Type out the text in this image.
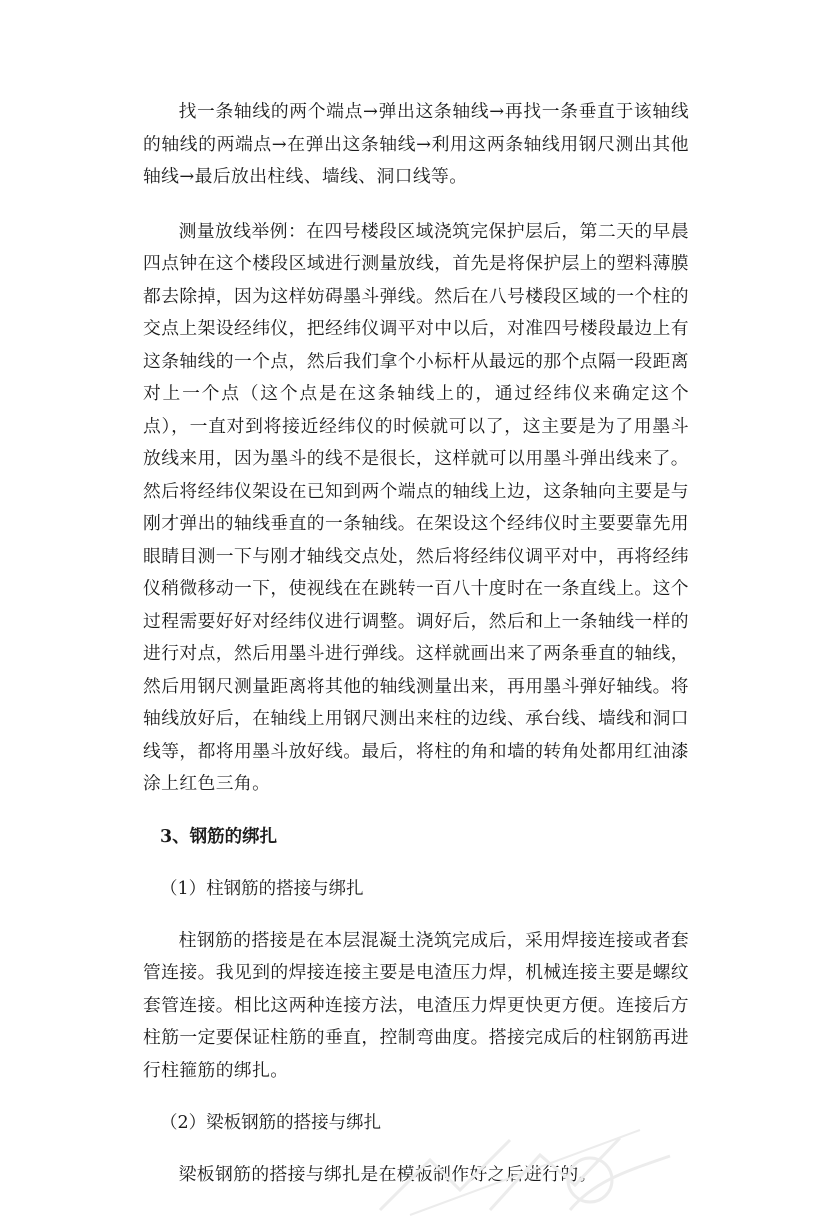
找一条轴线的两个端点→弹出这条轴线→再找一条垂直于该轴线的轴线的两端点→在弹出这条轴线→利用这两条轴线用钢尺测出其他轴线→最后放出柱线、墙线、洞口线等。

测量放线举例：在四号楼段区域浇筑完保护层后，第二天的早晨四点钟在这个楼段区域进行测量放线，首先是将保护层上的塑料薄膜都去除掉，因为这样妨碍墨斗弹线。然后在八号楼段区域的一个柱的交点上架设经纬仪，把经纬仪调平对中以后，对准四号楼段最边上有这条轴线的一个点，然后我们拿个小标杆从最远的那个点隔一段距离对上一个点（这个点是在这条轴线上的，通过经纬仪来确定这个点），一直对到将接近经纬仪的时候就可以了，这主要是为了用墨斗放线来用，因为墨斗的线不是很长，这样就可以用墨斗弹出线来了。然后将经纬仪架设在已知到两个端点的轴线上边，这条轴向主要是与刚才弹出的轴线垂直的一条轴线。在架设这个经纬仪时主要要靠先用眼睛目测一下与刚才轴线交点处，然后将经纬仪调平对中，再将经纬仪稍微移动一下，使视线在在跳转一百八十度时在一条直线上。这个过程需要好好对经纬仪进行调整。调好后，然后和上一条轴线一样的进行对点，然后用墨斗进行弹线。这样就画出来了两条垂直的轴线，然后用钢尺测量距离将其他的轴线测量出来，再用墨斗弹好轴线。将轴线放好后，在轴线上用钢尺测出来柱的边线、承台线、墙线和洞口线等，都将用墨斗放好线。最后，将柱的角和墙的转角处都用红油漆涂上红色三角。

3、钢筋的绑扎

（1）柱钢筋的搭接与绑扎

柱钢筋的搭接是在本层混凝土浇筑完成后，采用焊接连接或者套管连接。我见到的焊接连接主要是电渣压力焊，机械连接主要是螺纹套管连接。相比这两种连接方法，电渣压力焊更快更方便。连接后方柱筋一定要保证柱筋的垂直，控制弯曲度。搭接完成后的柱钢筋再进行柱箍筋的绑扎。

（2）梁板钢筋的搭接与绑扎

梁板钢筋的搭接与绑扎是在模板制作好之后进行的。
